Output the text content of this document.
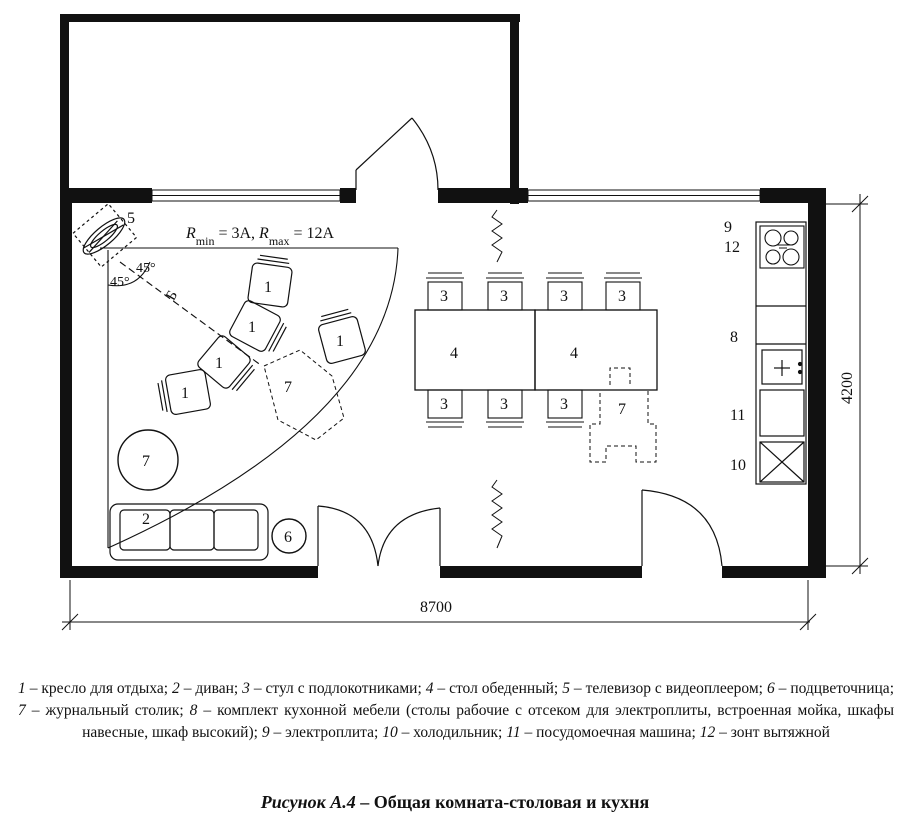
$R_{min} = 3A$, $R_{max} = 12A$
45°
45°
Б
5
1
1
1
1
1
7
7
2
6
3	3	3	3
3	3	3
4	4
7
9
12
8
11
10
8700
4200
1 – кресло для отдыха; 2 – диван; 3 – стул с подлокотниками; 4 – стол обеденный; 5 – телевизор с видеоплеером; 6 – подцветочница; 7 – журнальный столик; 8 – комплект кухонной мебели (столы рабочие с отсеком для электроплиты, встроенная мойка, шкафы навесные, шкаф высокий); 9 – электроплита; 10 – холодильник; 11 – посудомоечная машина; 12 – зонт вытяжной
Рисунок А.4 – Общая комната-столовая и кухня
